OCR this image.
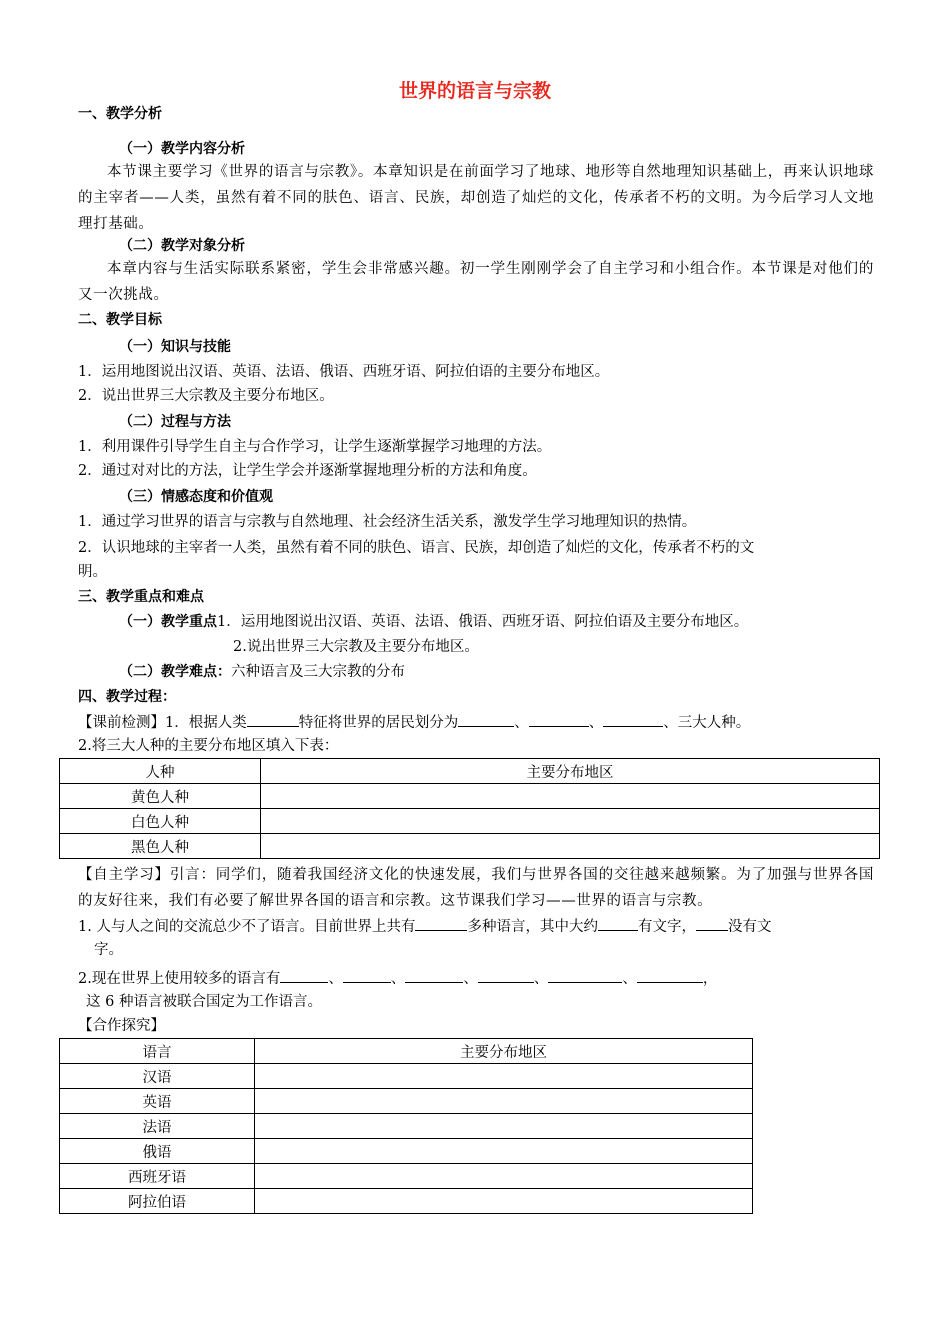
世界的语言与宗教
一、教学分析
（一）教学内容分析
本节课主要学习《世界的语言与宗教》。本章知识是在前面学习了地球、地形等自然地理知识基础上，再来认识地球的主宰者——人类，虽然有着不同的肤色、语言、民族，却创造了灿烂的文化，传承者不朽的文明。为今后学习人文地理打基础。
（二）教学对象分析
本章内容与生活实际联系紧密，学生会非常感兴趣。初一学生刚刚学会了自主学习和小组合作。本节课是对他们的又一次挑战。
二、教学目标
（一）知识与技能
1．运用地图说出汉语、英语、法语、俄语、西班牙语、阿拉伯语的主要分布地区。
2．说出世界三大宗教及主要分布地区。
（二）过程与方法
1．利用课件引导学生自主与合作学习，让学生逐渐掌握学习地理的方法。
2．通过对对比的方法，让学生学会并逐渐掌握地理分析的方法和角度。
（三）情感态度和价值观
1．通过学习世界的语言与宗教与自然地理、社会经济生活关系，激发学生学习地理知识的热情。
2．认识地球的主宰者一人类，虽然有着不同的肤色、语言、民族，却创造了灿烂的文化，传承者不朽的文
明。
三、教学重点和难点
（一）教学重点1．运用地图说出汉语、英语、法语、俄语、西班牙语、阿拉伯语及主要分布地区。
2.说出世界三大宗教及主要分布地区。
（二）教学难点：六种语言及三大宗教的分布
四、教学过程：
【课前检测】1．根据人类	特征将世界的居民划分为	、	、	、三大人种。
2.将三大人种的主要分布地区填入下表：
人种	主要分布地区
黄色人种	
白色人种	
黑色人种	
【自主学习】引言：同学们，随着我国经济文化的快速发展，我们与世界各国的交往越来越频繁。为了加强与世界各国的友好往来，我们有必要了解世界各国的语言和宗教。这节课我们学习——世界的语言与宗教。
1. 人与人之间的交流总少不了语言。目前世界上共有	多种语言，其中大约	有文字， 没有文
字。
2.现在世界上使用较多的语言有	、	、	、	、	、	，
这 6 种语言被联合国定为工作语言。
【合作探究】
语言	主要分布地区
汉语	
英语	
法语	
俄语	
西班牙语	
阿拉伯语	
